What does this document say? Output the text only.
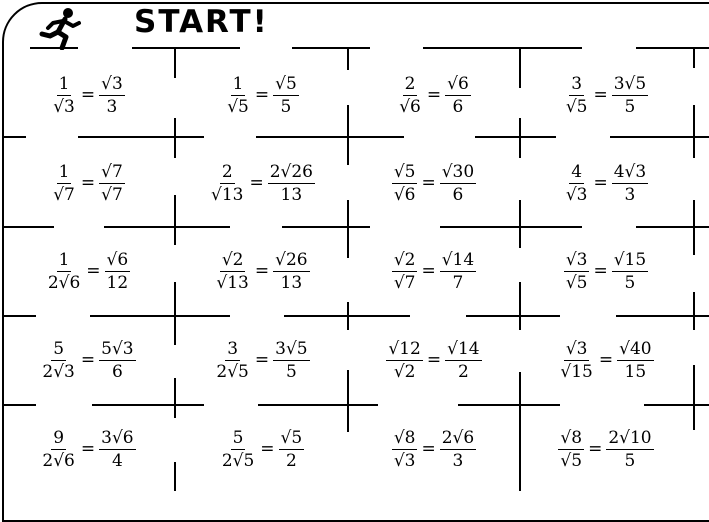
START!
$\frac{1}{√3} = \frac{√3}{3}$	$\frac{1}{√5} = \frac{√5}{5}$	$\frac{2}{√6} = \frac{√6}{6}$	$\frac{3}{√5} = \frac{3√5}{5}$
$\frac{1}{√7} = \frac{√7}{√7}$	$\frac{2}{√13} = \frac{2√26}{13}$	$\frac{√5}{√6} = \frac{√30}{6}$	$\frac{4}{√3} = \frac{4√3}{3}$
$\frac{1}{2√6} = \frac{√6}{12}$	$\frac{√2}{√13} = \frac{√26}{13}$	$\frac{√2}{√7} = \frac{√14}{7}$	$\frac{√3}{√5} = \frac{√15}{5}$
$\frac{5}{2√3} = \frac{5√3}{6}$	$\frac{3}{2√5} = \frac{3√5}{5}$	$\frac{√12}{√2} = \frac{√14}{2}$	$\frac{√3}{√15} = \frac{√40}{15}$
$\frac{9}{2√6} = \frac{3√6}{4}$	$\frac{5}{2√5} = \frac{√5}{2}$	$\frac{√8}{√3} = \frac{2√6}{3}$	$\frac{√8}{√5} = \frac{2√10}{5}$
